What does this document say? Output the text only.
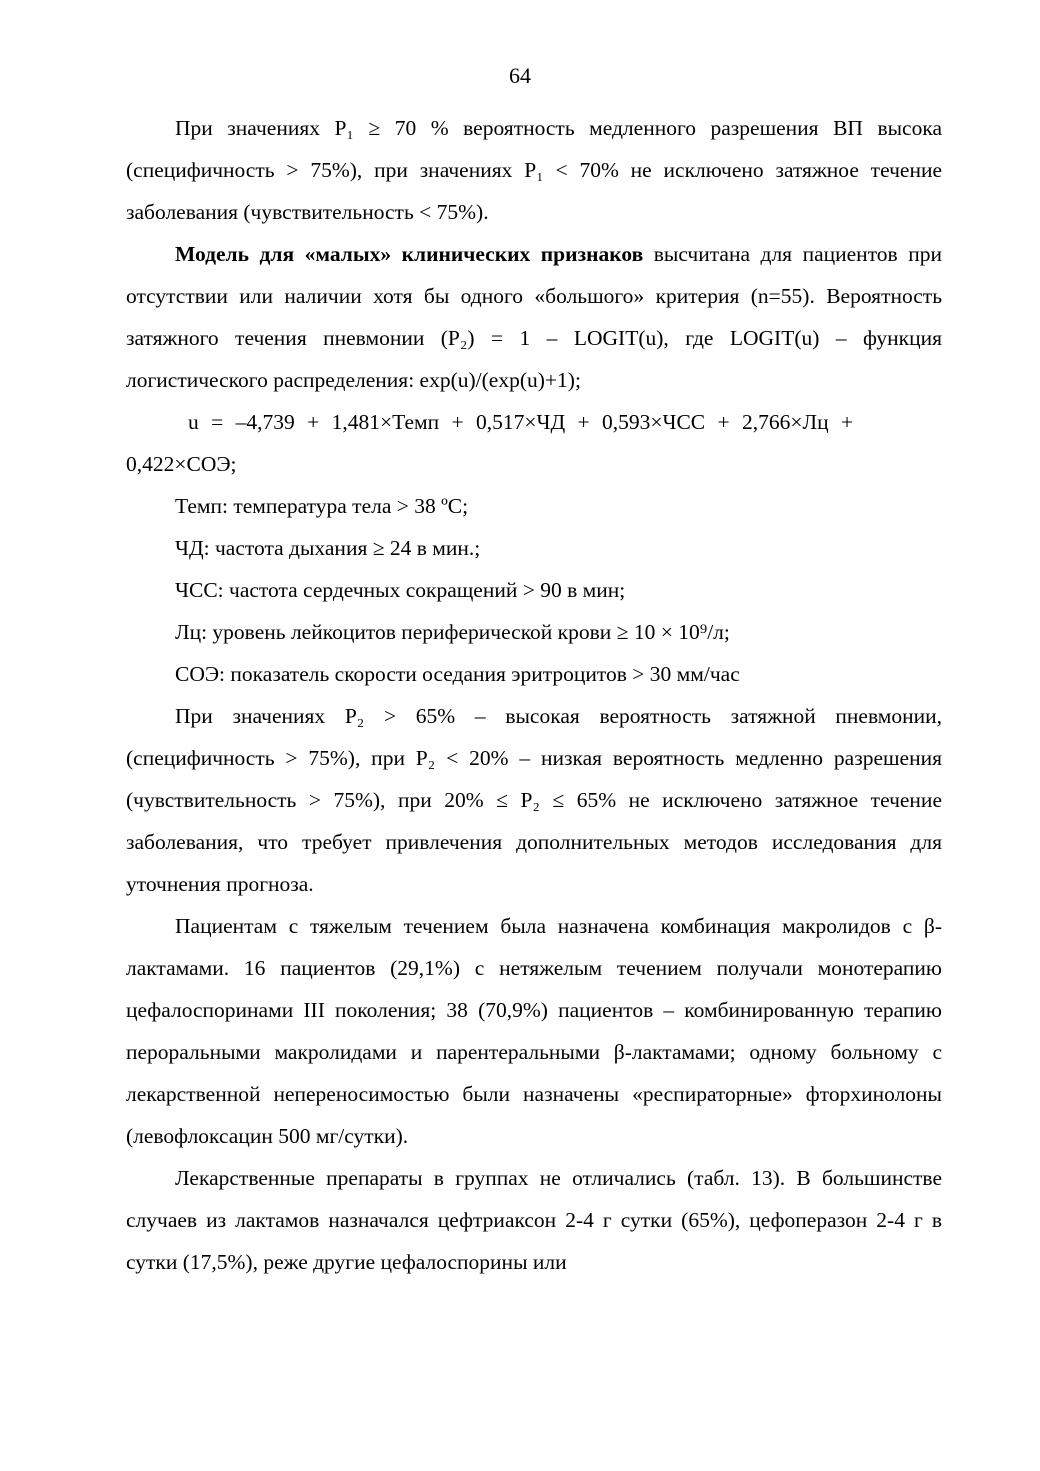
64

При значениях P₁ ≥ 70 % вероятность медленного разрешения ВП высока (специфичность > 75%), при значениях P₁ < 70% не исключено затяжное течение заболевания (чувствительность < 75%).

Модель для «малых» клинических признаков высчитана для пациентов при отсутствии или наличии хотя бы одного «большого» критерия (n=55). Вероятность затяжного течения пневмонии (P₂) = 1 – LOGIT(u), где LOGIT(u) – функция логистического распределения: exp(u)/(exp(u)+1);

u = –4,739 + 1,481×Темп + 0,517×ЧД + 0,593×ЧСС + 2,766×Лц +

0,422×СОЭ;

Темп: температура тела > 38 ºС;

ЧД: частота дыхания ≥ 24 в мин.;

ЧСС: частота сердечных сокращений > 90 в мин;

Лц: уровень лейкоцитов периферической крови ≥ 10 × 10⁹/л;

СОЭ: показатель скорости оседания эритроцитов > 30 мм/час

При значениях P₂ > 65% – высокая вероятность затяжной пневмонии, (специфичность > 75%), при P₂ < 20% – низкая вероятность медленно разрешения (чувствительность > 75%), при 20% ≤ P₂ ≤ 65% не исключено затяжное течение заболевания, что требует привлечения дополнительных методов исследования для уточнения прогноза.

Пациентам с тяжелым течением была назначена комбинация макролидов с β-лактамами. 16 пациентов (29,1%) с нетяжелым течением получали монотерапию цефалоспоринами III поколения; 38 (70,9%) пациентов – комбинированную терапию пероральными макролидами и парентеральными β-лактамами; одному больному с лекарственной непереносимостью были назначены «респираторные» фторхинолоны (левофлоксацин 500 мг/сутки).

Лекарственные препараты в группах не отличались (табл. 13). В большинстве случаев из лактамов назначался цефтриаксон 2-4 г сутки (65%), цефоперазон 2-4 г в сутки (17,5%), реже другие цефалоспорины или
